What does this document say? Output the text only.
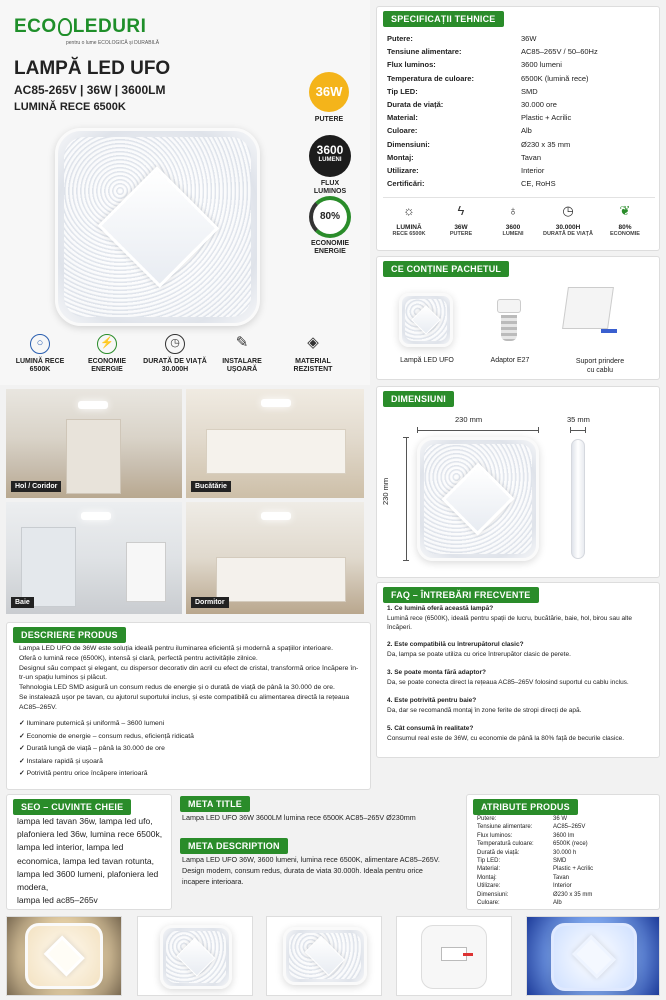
ECO LEDURI
pentru o lume ECOLOGICĂ și DURABILĂ
LAMPĂ LED UFO
AC85-265V | 36W | 3600LM
LUMINĂ RECE 6500K
36W
PUTERE
3600
LUMENI
FLUX
LUMINOS
80%
ECONOMIE
ENERGIE
○
LUMINĂ RECE
6500K
⚡
ECONOMIE
ENERGIE
◷
DURATĂ DE VIAȚĂ
30.000H
✎
INSTALARE
UȘOARĂ
◈
MATERIAL
REZISTENT
Hol / Coridor	Bucătărie
Baie	Dormitor
SPECIFICAȚII TEHNICE
Putere:	36W
Tensiune alimentare:	AC85–265V / 50–60Hz
Flux luminos:	3600 lumeni
Temperatura de culoare:	6500K (lumină rece)
Tip LED:	SMD
Durata de viață:	30.000 ore
Material:	Plastic + Acrilic
Culoare:	Alb
Dimensiuni:	Ø230 x 35 mm
Montaj:	Tavan
Utilizare:	Interior
Certificări:	CE, RoHS
☼
LUMINĂ
RECE 6500K
ϟ
36W
PUTERE
♁
3600
LUMENI
◷
30.000H
DURATĂ DE VIAȚĂ
❦
80%
ECONOMIE
CE CONȚINE PACHETUL
Lampă LED UFO	Adaptor E27	Suport prindere
cu cablu
DIMENSIUNI
230 mm
230 mm
35 mm
FAQ – ÎNTREBĂRI FRECVENTE
1. Ce lumină oferă această lampă?
Lumină rece (6500K), ideală pentru spații de lucru, bucătărie, baie, hol, birou sau alte încăperi.
2. Este compatibilă cu întrerupătorul clasic?
Da, lampa se poate utiliza cu orice întrerupător clasic de perete.
3. Se poate monta fără adaptor?
Da, se poate conecta direct la rețeaua AC85–265V folosind suportul cu cablu inclus.
4. Este potrivită pentru baie?
Da, dar se recomandă montaj în zone ferite de stropi direcți de apă.
5. Cât consumă în realitate?
Consumul real este de 36W, cu economie de până la 80% față de becurile clasice.
DESCRIERE PRODUS
Lampa LED UFO de 36W este soluția ideală pentru iluminarea eficientă și modernă a spațiilor interioare.
Oferă o lumină rece (6500K), intensă și clară, perfectă pentru activitățile zilnice.
Designul său compact și elegant, cu dispersor decorativ din acril cu efect de cristal, transformă orice încăpere în-
tr-un spațiu luminos și plăcut.
Tehnologia LED SMD asigură un consum redus de energie și o durată de viață de până la 30.000 de ore.
Se instalează ușor pe tavan, cu ajutorul suportului inclus, și este compatibilă cu alimentarea directă la rețeaua
AC85–265V.
✓ Iluminare puternică și uniformă – 3600 lumeni
✓ Economie de energie – consum redus, eficiență ridicată
✓ Durată lungă de viață – până la 30.000 de ore
✓ Instalare rapidă și ușoară
✓ Potrivită pentru orice încăpere interioară
SEO – CUVINTE CHEIE
lampa led tavan 36w, lampa led ufo,
plafoniera led 36w, lumina rece 6500k,
lampa led interior, lampa led
economica, lampa led tavan rotunta,
lampa led 3600 lumeni, plafoniera led modera,
lampa led ac85–265v
META TITLE
Lampa LED UFO 36W 3600LM lumina rece 6500K AC85–265V Ø230mm
META DESCRIPTION
Lampa LED UFO 36W, 3600 lumeni, lumina rece 6500K, alimentare AC85–265V.
Design modern, consum redus, durata de viata 30.000h. Ideala pentru orice
incapere interioara.
ATRIBUTE PRODUS
Putere:	36 W
Tensiune alimentare:	AC85–265V
Flux luminos:	3600 lm
Temperatură culoare:	6500K (rece)
Durată de viață:	30.000 h
Tip LED:	SMD
Material:	Plastic + Acrilic
Montaj:	Tavan
Utilizare:	Interior
Dimensiuni:	Ø230 x 35 mm
Culoare:	Alb
